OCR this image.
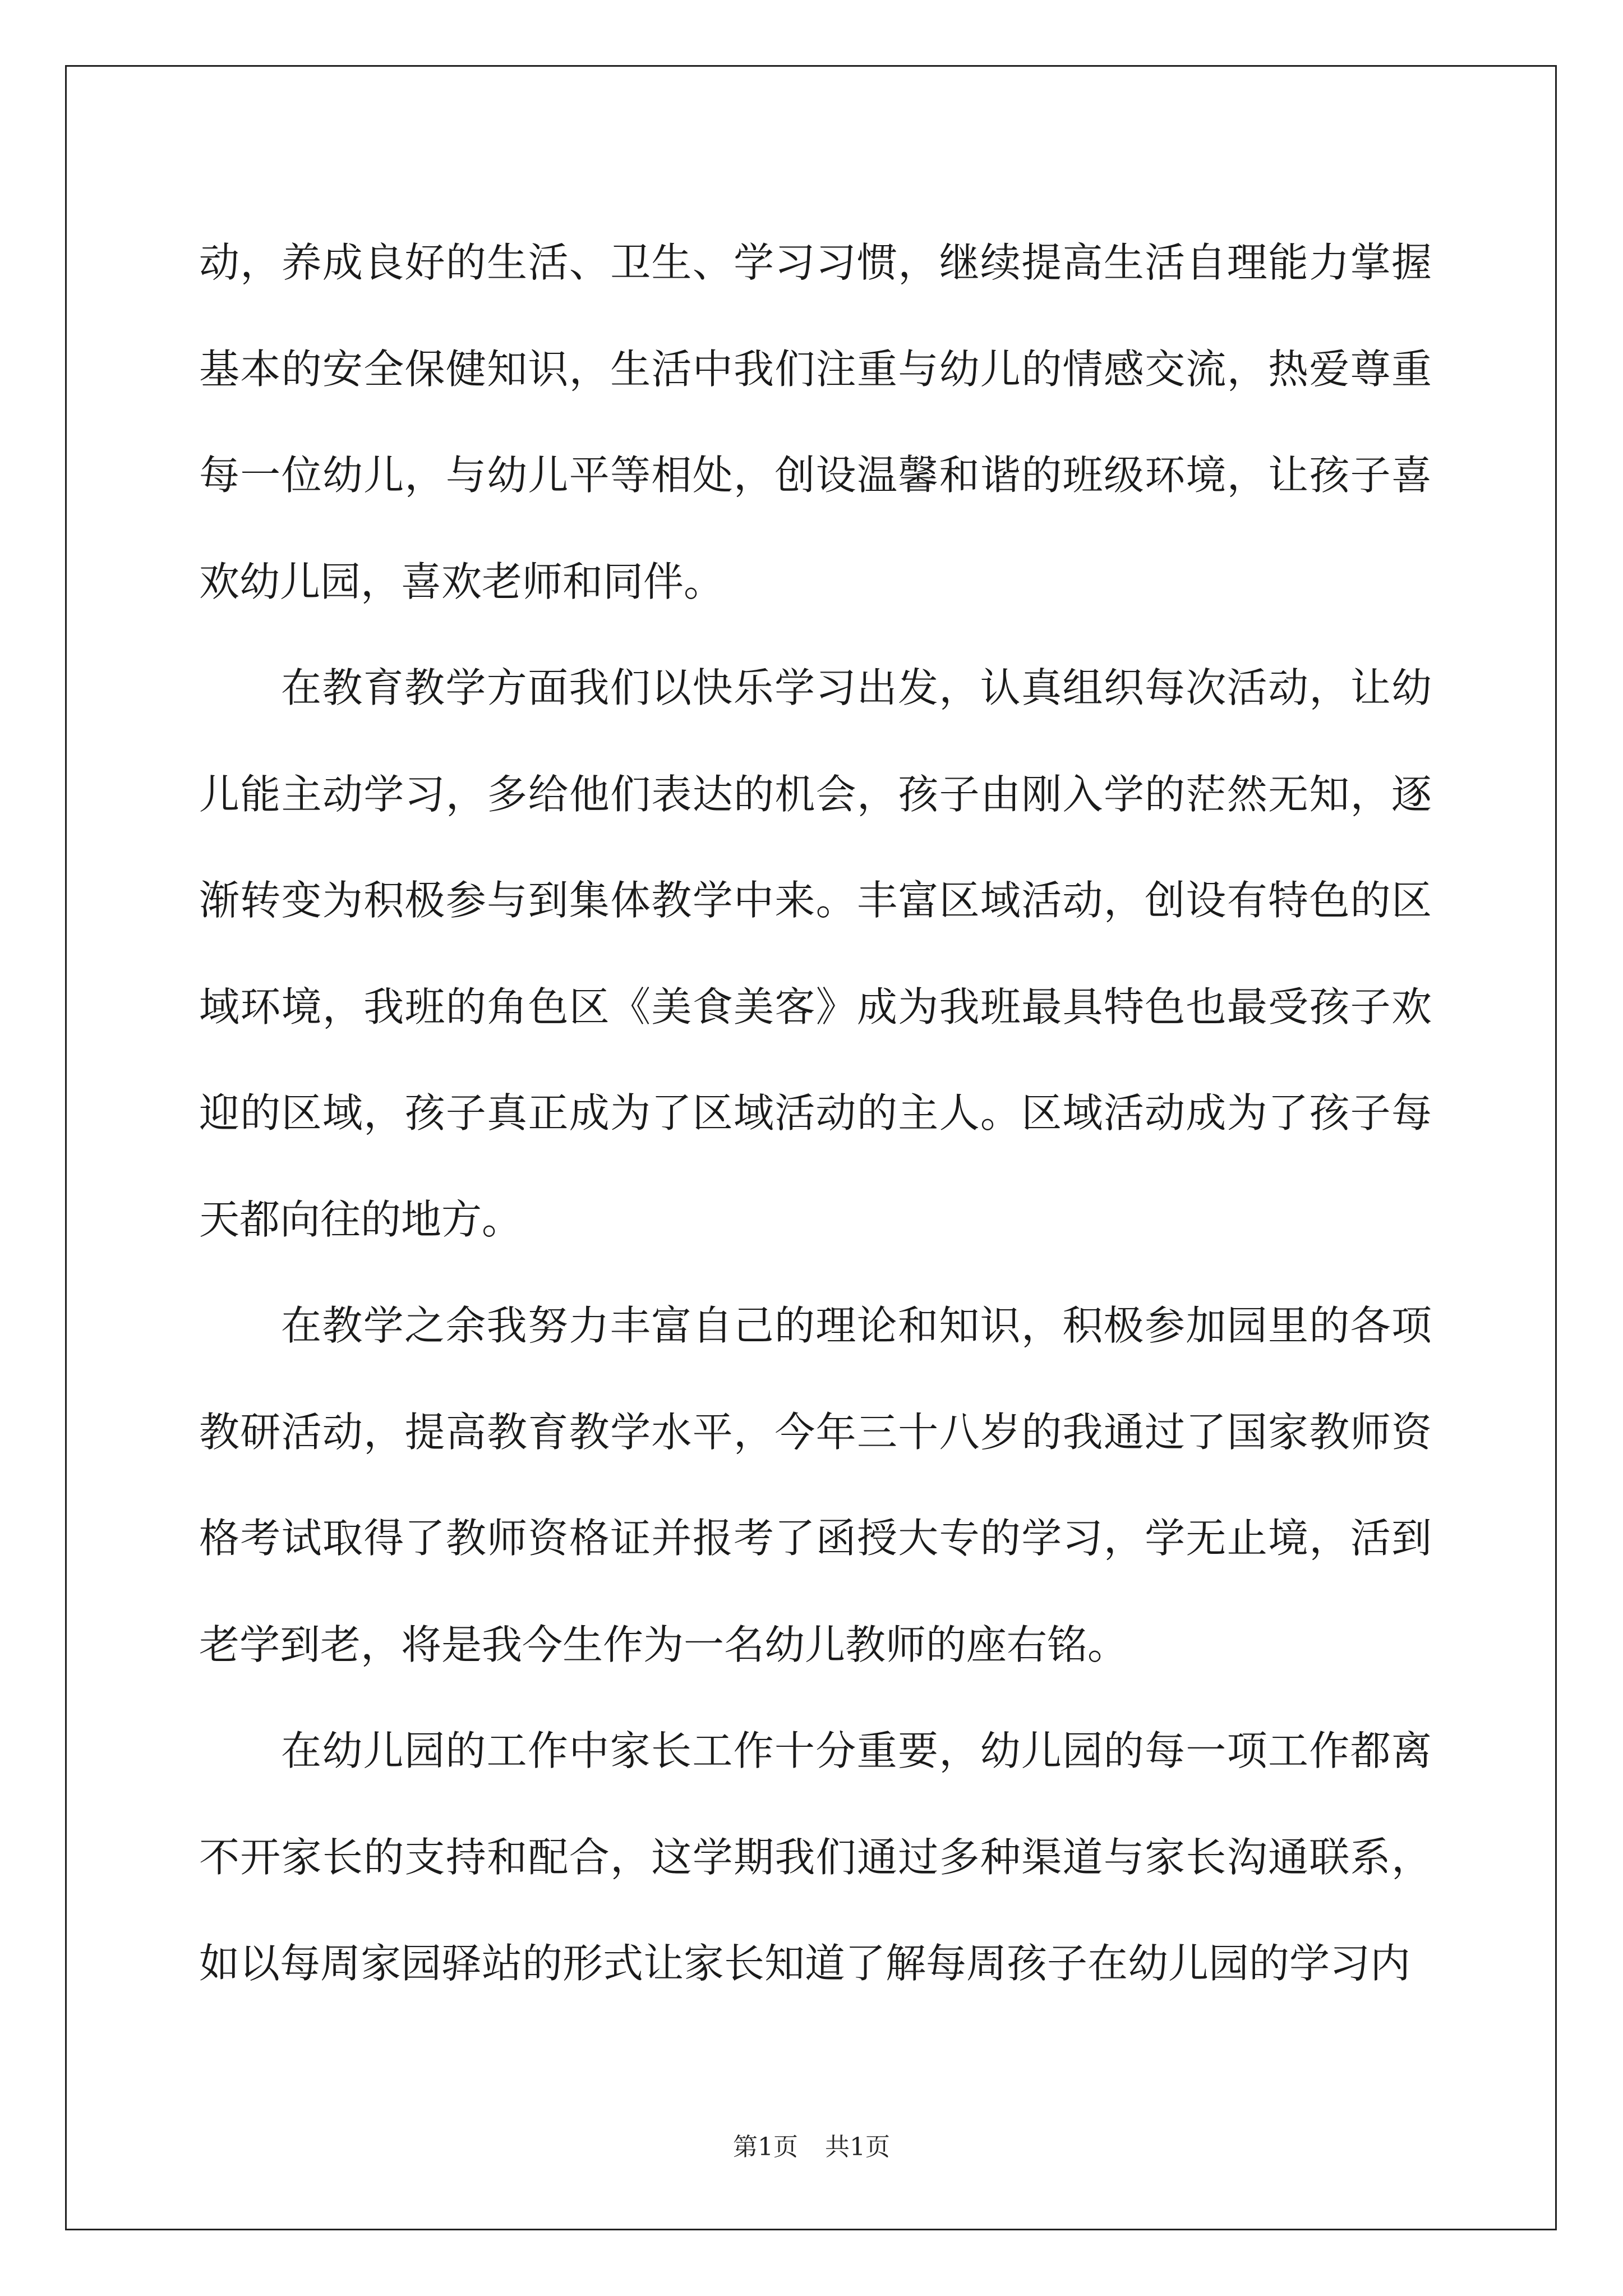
动，养成良好的生活、卫生、学习习惯，继续提高生活自理能力掌握基本的安全保健知识，生活中我们注重与幼儿的情感交流，热爱尊重每一位幼儿，与幼儿平等相处，创设温馨和谐的班级环境，让孩子喜欢幼儿园，喜欢老师和同伴。

在教育教学方面我们以快乐学习出发，认真组织每次活动，让幼儿能主动学习，多给他们表达的机会，孩子由刚入学的茫然无知，逐渐转变为积极参与到集体教学中来。丰富区域活动，创设有特色的区域环境，我班的角色区《美食美客》成为我班最具特色也最受孩子欢迎的区域，孩子真正成为了区域活动的主人。区域活动成为了孩子每天都向往的地方。

在教学之余我努力丰富自己的理论和知识，积极参加园里的各项教研活动，提高教育教学水平，今年三十八岁的我通过了国家教师资格考试取得了教师资格证并报考了函授大专的学习，学无止境，活到老学到老，将是我今生作为一名幼儿教师的座右铭。

在幼儿园的工作中家长工作十分重要，幼儿园的每一项工作都离不开家长的支持和配合，这学期我们通过多种渠道与家长沟通联系，如以每周家园驿站的形式让家长知道了解每周孩子在幼儿园的学习内

第1页 共1页
